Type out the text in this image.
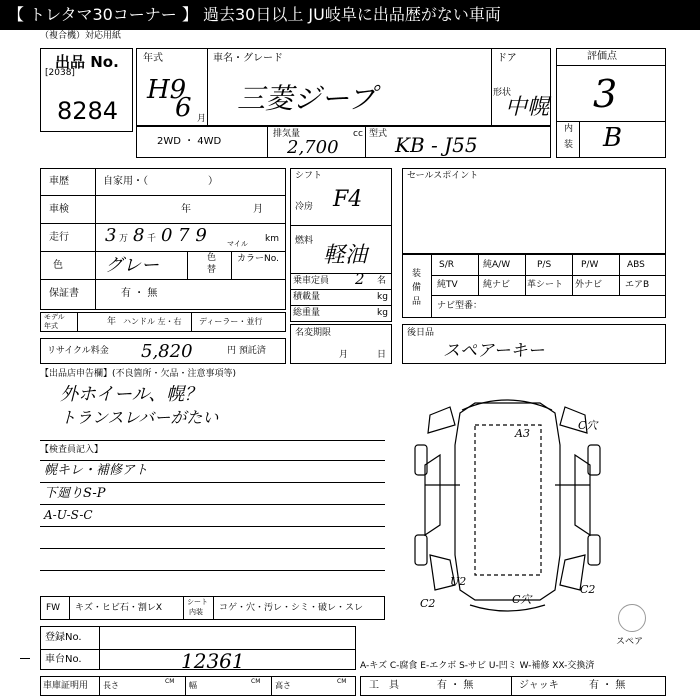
【 トレタマ30コーナー 】 過去30日以上 JU岐阜に出品歴がない車両
（複合機）対応用紙
出品 No.
[2038]
8284
年式
H9
6 月
車名・グレード
三菱ジープ
ドア
形状
中幌
評価点
3
内
装 B
2WD ・ 4WD
排気量	cc
2,700
型式 KB - J55
車歴	自家用・（　　　　　　）
車検	年	月
走行 3 万 8 千 0 7 9	マイル km
色 グレー	色
替
カラーNo.
保証書	有 ・ 無
シフト
F4
冷房
燃料
軽油
乗車定員 2 名
積載量	kg
総重量	kg
セールスポイント
装備品
S/R	純A/W	P/S	P/W	ABS
純TV	純ナビ 革シート 外ナビ	エアB
ナビ型番：
モデル
年式	年 ハンドル 左・右 ディーラー・並行
名変期限
月	日
リサイクル料金 5,820	円 預託済
後日品
スペアーキー
【出品店申告欄】(不良箇所・欠品・注意事項等)
外ホイール、幌？
トランスレバーがたい
【検査員記入】
幌キレ・補修アト
下廻りS-P
A-U-S-C
A3
C穴
U2
C2
C2
C穴
スペア
FW キズ・ヒビ石・割レX
シート
内装 コゲ・穴・汚レ・シミ・破レ・スレ
登録No.
車台No.	12361	A-キズ C-腐食 E-エクボ S-サビ U-凹ミ W-補修 XX-交換済
車庫証明用 長さ	CM 幅	CM 高さ	CM 工　具	有 ・ 無	ジャッキ	有 ・ 無
